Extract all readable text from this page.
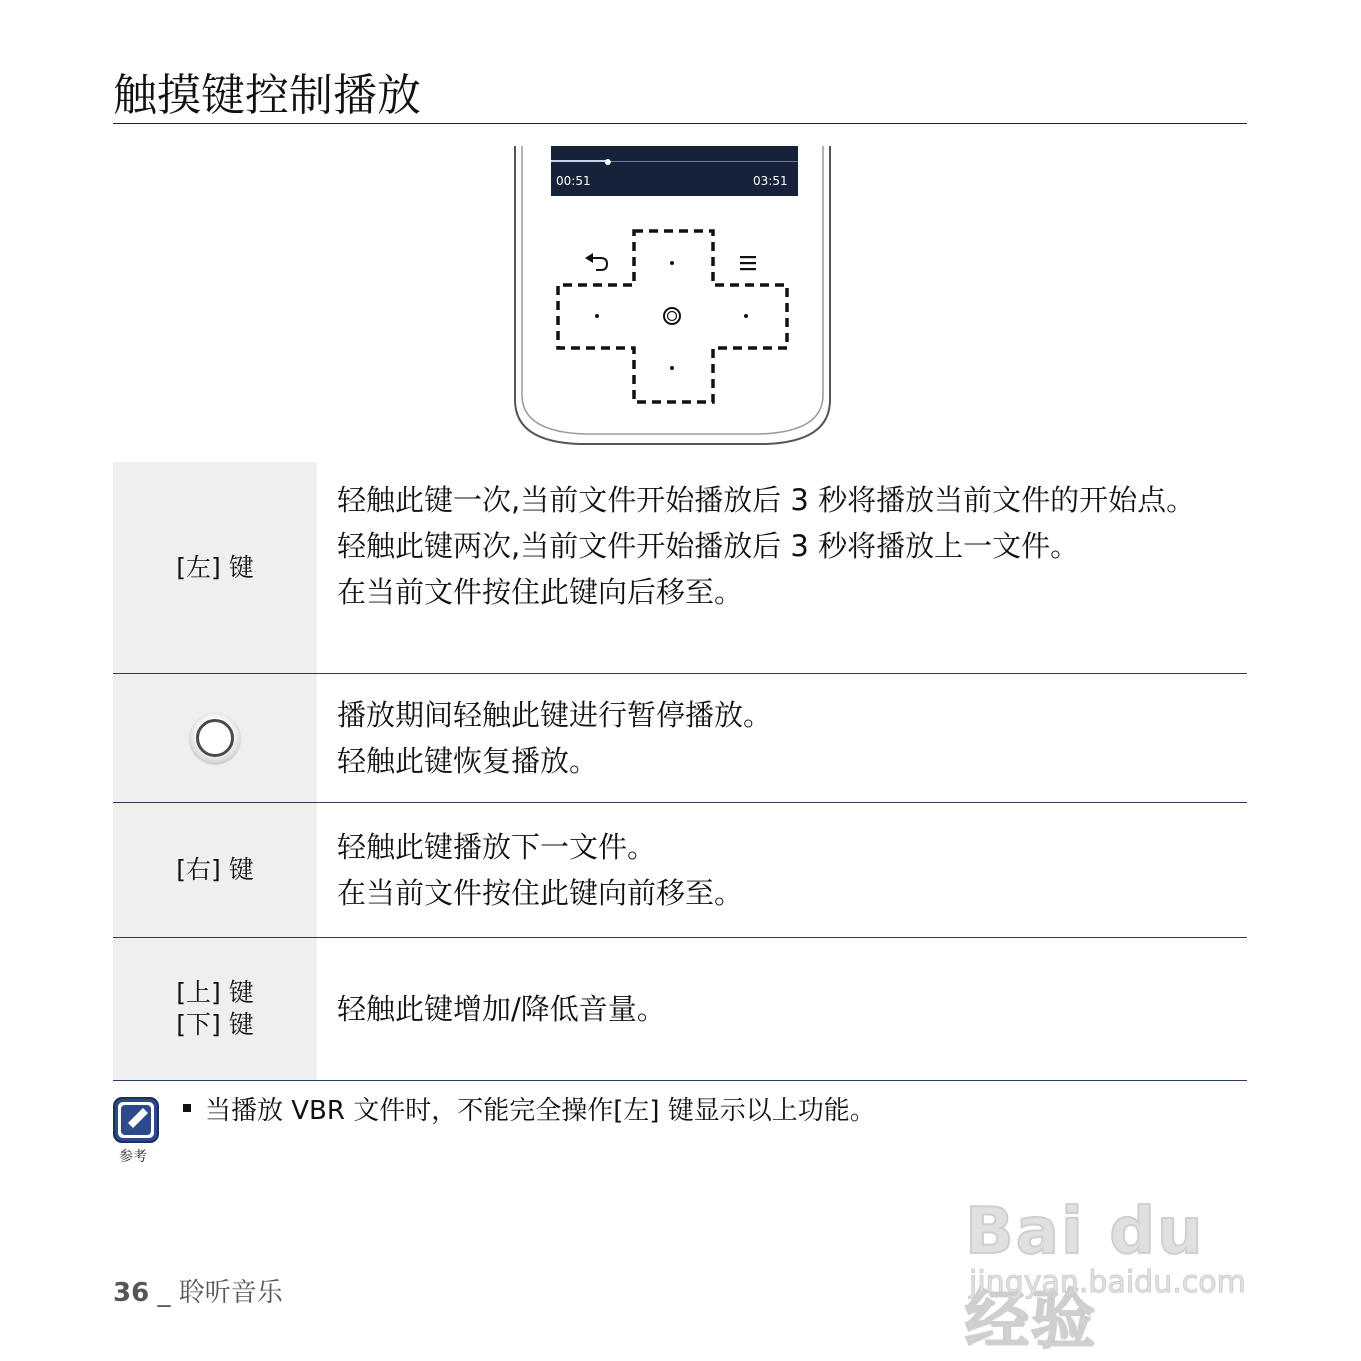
触摸键控制播放
00:51	03:51
[左] 键

轻触此键一次,当前文件开始播放后 3 秒将播放当前文件的开始点。

轻触此键两次,当前文件开始播放后 3 秒将播放上一文件。

在当前文件按住此键向后移至。

播放期间轻触此键进行暂停播放。

轻触此键恢复播放。

[右] 键

轻触此键播放下一文件。

在当前文件按住此键向前移至。

[上] 键
[下] 键	轻触此键增加/降低音量。

参考
当播放 VBR 文件时，不能完全操作[左] 键显示以上功能。
36 _ 聆听音乐
Bai du 经验
jingyan.baidu.com
